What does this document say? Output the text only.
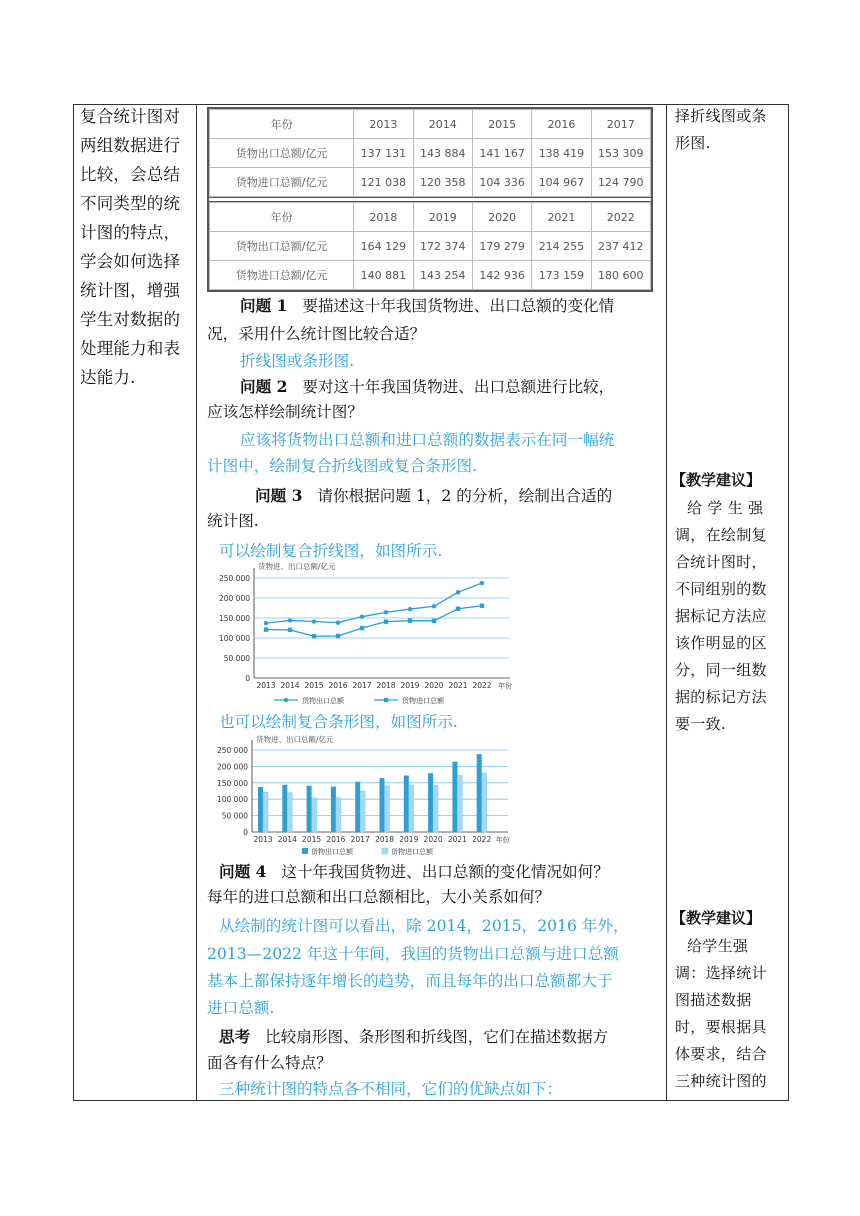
复合统计图对
两组数据进行
比较，会总结
不同类型的统
计图的特点，
学会如何选择
统计图，增强
学生对数据的
处理能力和表
达能力.
年份	2013	2014	2015	2016	2017
货物出口总额/亿元	137 131	143 884	141 167	138 419	153 309
货物进口总额/亿元	121 038	120 358	104 336	104 967	124 790
年份	2018	2019	2020	2021	2022
货物出口总额/亿元	164 129	172 374	179 279	214 255	237 412
货物进口总额/亿元	140 881	143 254	142 936	173 159	180 600
问题 1 要描述这十年我国货物进、出口总额的变化情
况，采用什么统计图比较合适？
折线图或条形图.
问题 2 要对这十年我国货物进、出口总额进行比较，
应该怎样绘制统计图？
应该将货物出口总额和进口总额的数据表示在同一幅统
计图中，绘制复合折线图或复合条形图.
问题 3 请你根据问题 1，2 的分析，绘制出合适的
统计图.
可以绘制复合折线图，如图所示.
货物进、出口总额/亿元
0
50 000
100 000
150 000
200 000
250 000
2013 2014 2015 2016 2017 2018 2019 2020 2021 2022 年份
货物出口总额	货物进口总额
也可以绘制复合条形图，如图所示.
货物进、出口总额/亿元
0
50 000
100 000
150 000
200 000
250 000
2013 2014 2015 2016 2017 2018 2019 2020 2021 2022 年份
货物出口总额	货物进口总额
问题 4 这十年我国货物进、出口总额的变化情况如何？
每年的进口总额和出口总额相比，大小关系如何？
从绘制的统计图可以看出，除 2014，2015，2016 年外，
2013—2022 年这十年间，我国的货物出口总额与进口总额
基本上都保持逐年增长的趋势，而且每年的出口总额都大于
进口总额.
思考 比较扇形图、条形图和折线图，它们在描述数据方
面各有什么特点？
三种统计图的特点各不相同，它们的优缺点如下：
择折线图或条
形图.
【教学建议】
给 学 生 强
调，在绘制复
合统计图时，
不同组别的数
据标记方法应
该作明显的区
分，同一组数
据的标记方法
要一致.
【教学建议】
给学生强
调：选择统计
图描述数据
时，要根据具
体要求，结合
三种统计图的
